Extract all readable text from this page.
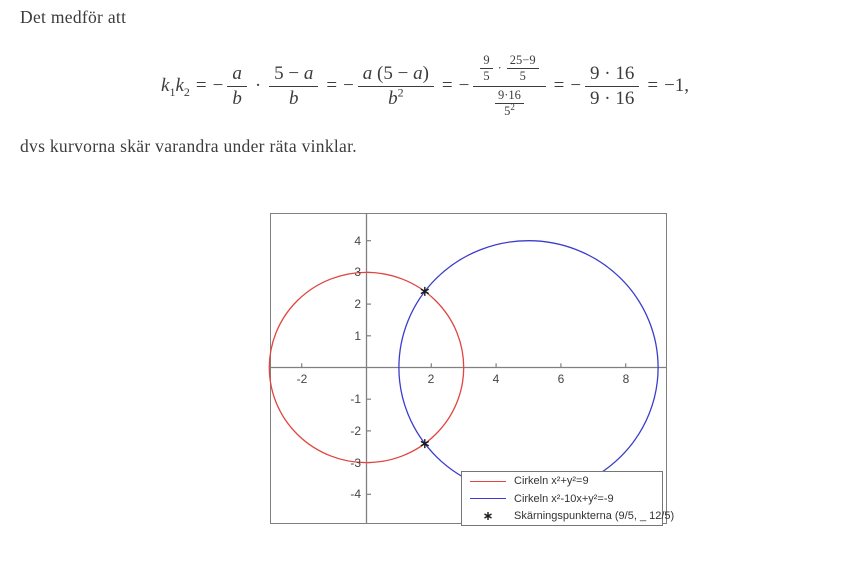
Det medför att

$k_1k_2$ = − $\frac{a}{b} \cdot \frac{5 - a}{b}$ = − $\frac{a (5 - a)}{b^2}$ = −
$\frac{9}{5} \cdot \frac{25-9}{5}$
$\frac{9\cdot 16}{5^2}$
= − $\frac{9 \cdot 16}{9 \cdot 16} = -1$,

dvs kurvorna skär varandra under räta vinklar.

-2	2	4	6	8
4
3
2
1
-1
-2
-3
-4
Cirkeln x²+y²=9
Cirkeln x²-10x+y²=-9
Skärningspunkterna (9/5, _ 12/5)
